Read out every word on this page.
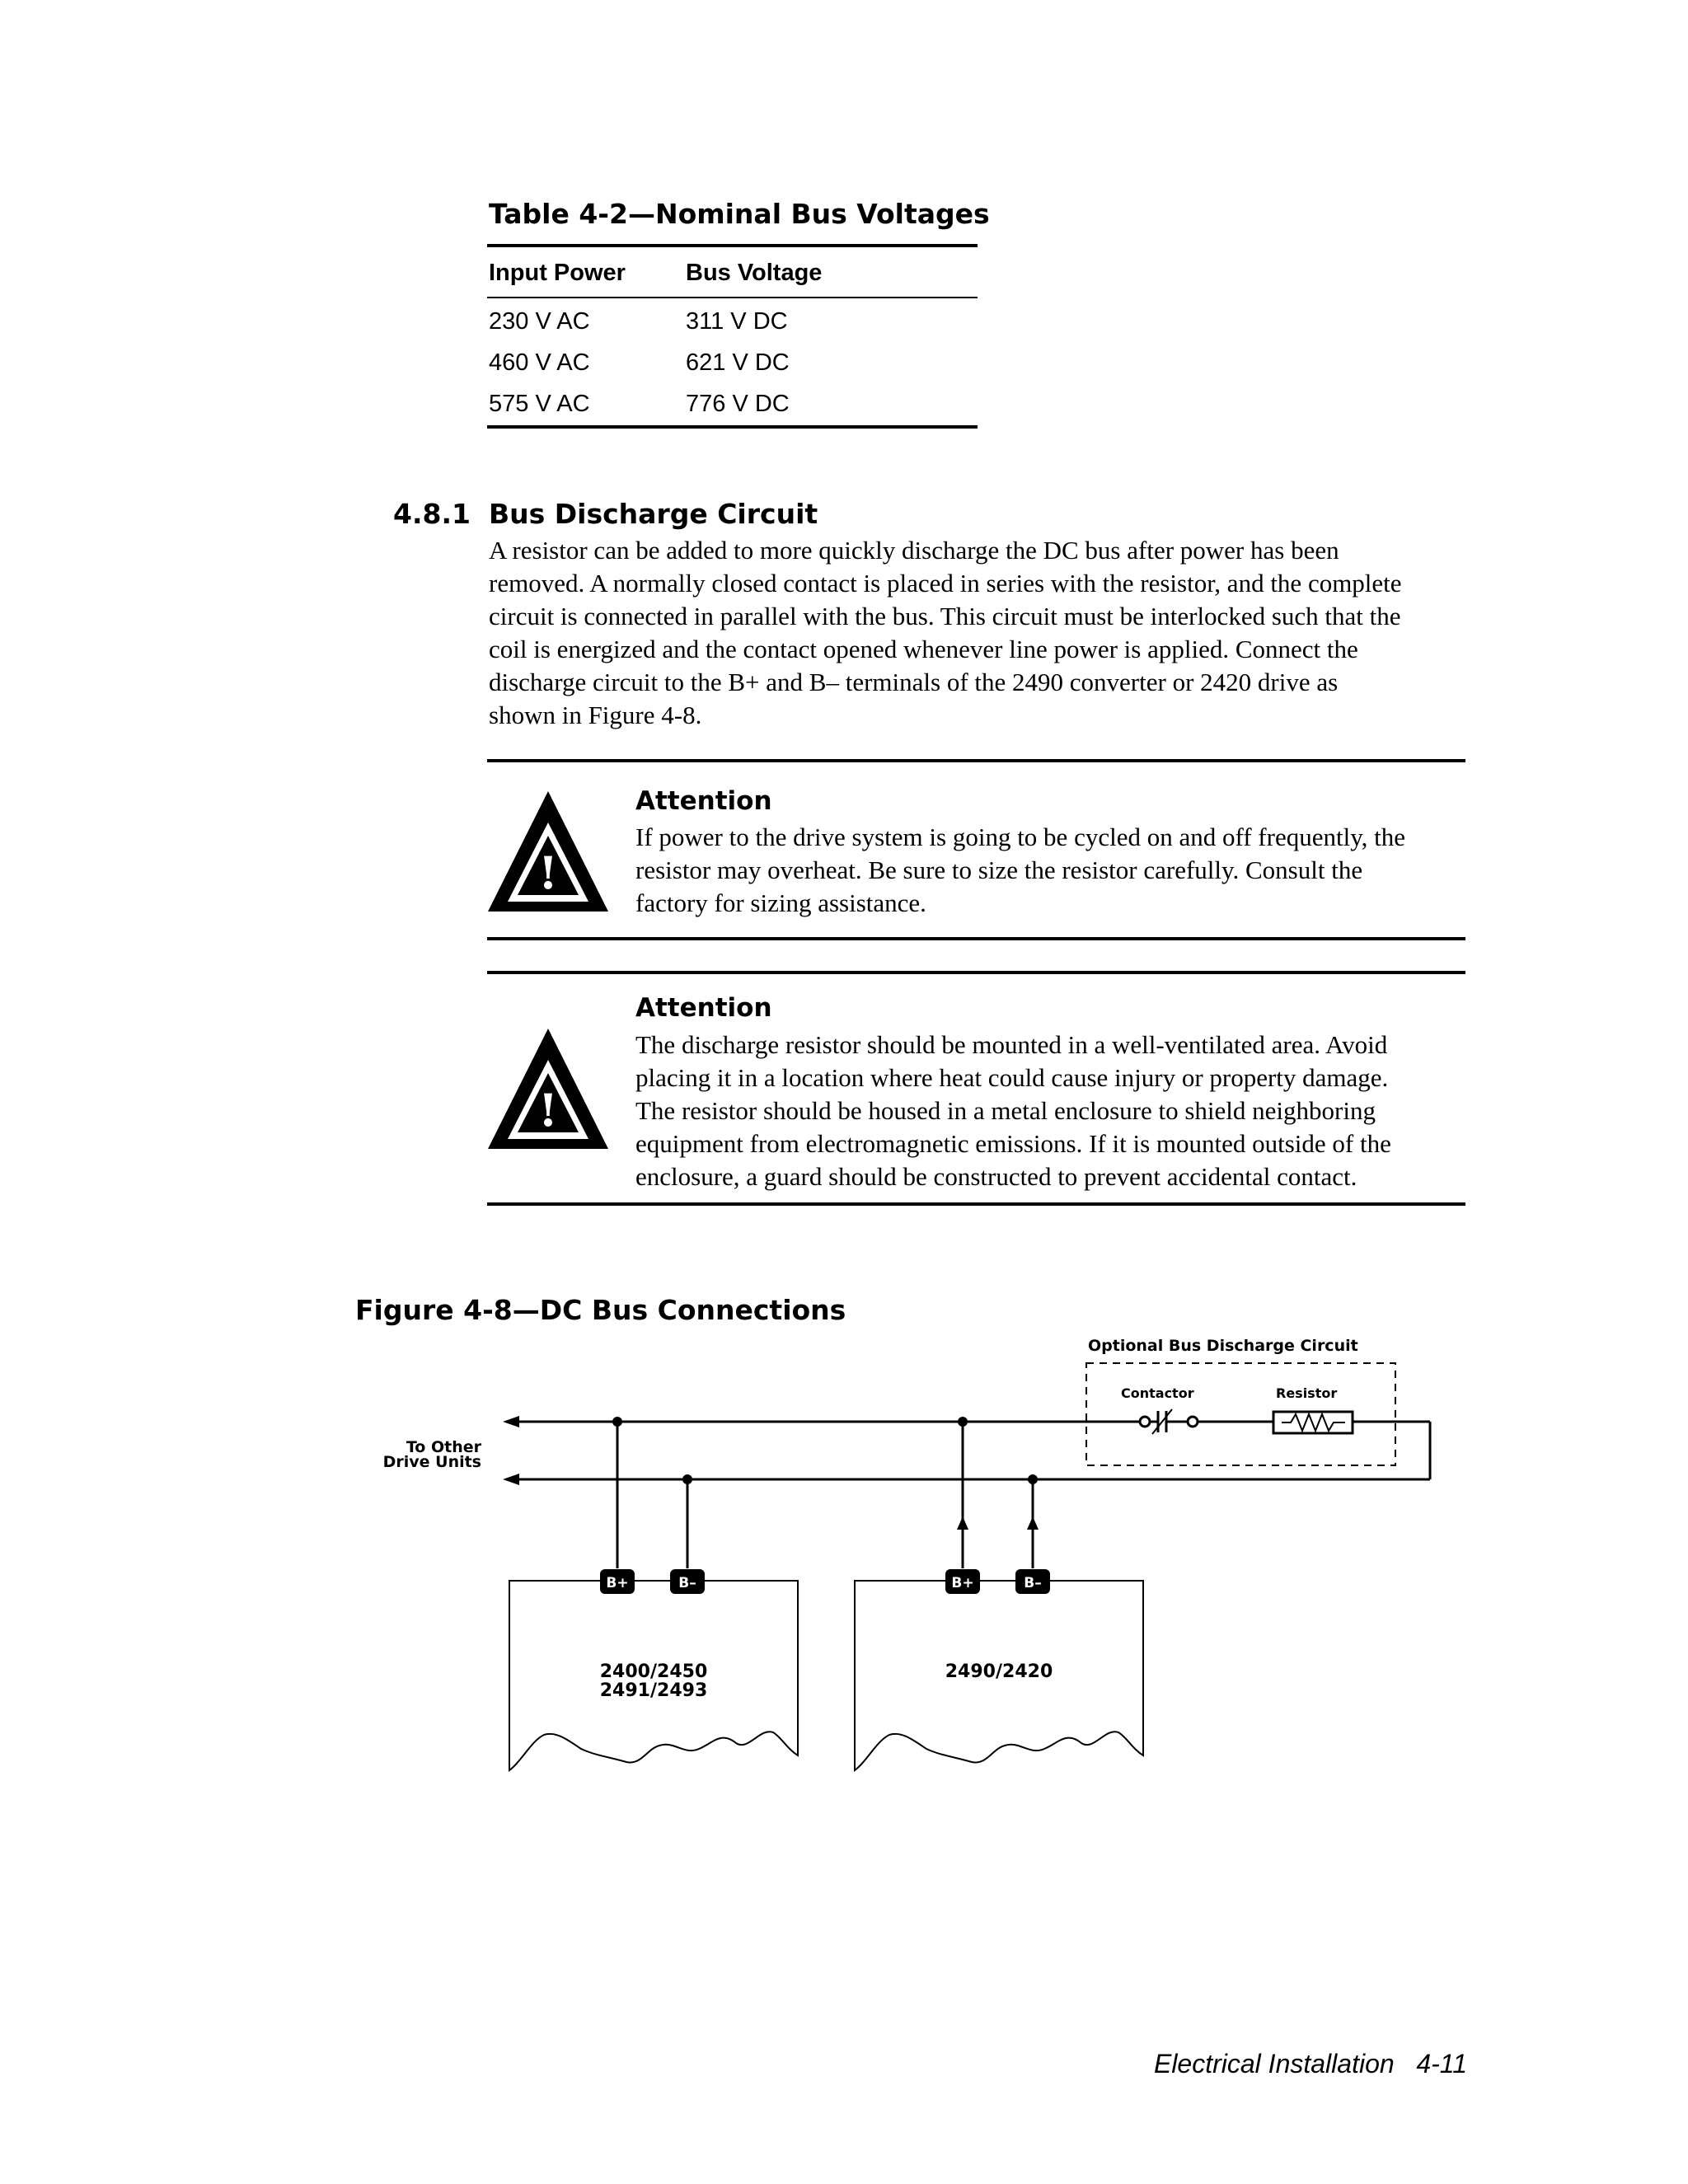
Table 4-2—Nominal Bus Voltages
Input Power	Bus Voltage
230 V AC	311 V DC
460 V AC	621 V DC
575 V AC	776 V DC
4.8.1 Bus Discharge Circuit
A resistor can be added to more quickly discharge the DC bus after power has been
removed. A normally closed contact is placed in series with the resistor, and the complete
circuit is connected in parallel with the bus. This circuit must be interlocked such that the
coil is energized and the contact opened whenever line power is applied. Connect the
discharge circuit to the B+ and B– terminals of the 2490 converter or 2420 drive as
shown in Figure 4-8.
!
Attention
If power to the drive system is going to be cycled on and off frequently, the
resistor may overheat. Be sure to size the resistor carefully. Consult the
factory for sizing assistance.
!
Attention
The discharge resistor should be mounted in a well-ventilated area. Avoid
placing it in a location where heat could cause injury or property damage.
The resistor should be housed in a metal enclosure to shield neighboring
equipment from electromagnetic emissions. If it is mounted outside of the
enclosure, a guard should be constructed to prevent accidental contact.
Figure 4-8—DC Bus Connections
Optional Bus Discharge Circuit
Contactor	Resistor
To Other
Drive Units
B+	B–
2400/2450
2491/2493
B+	B–
2490/2420
Electrical Installation   4-11
